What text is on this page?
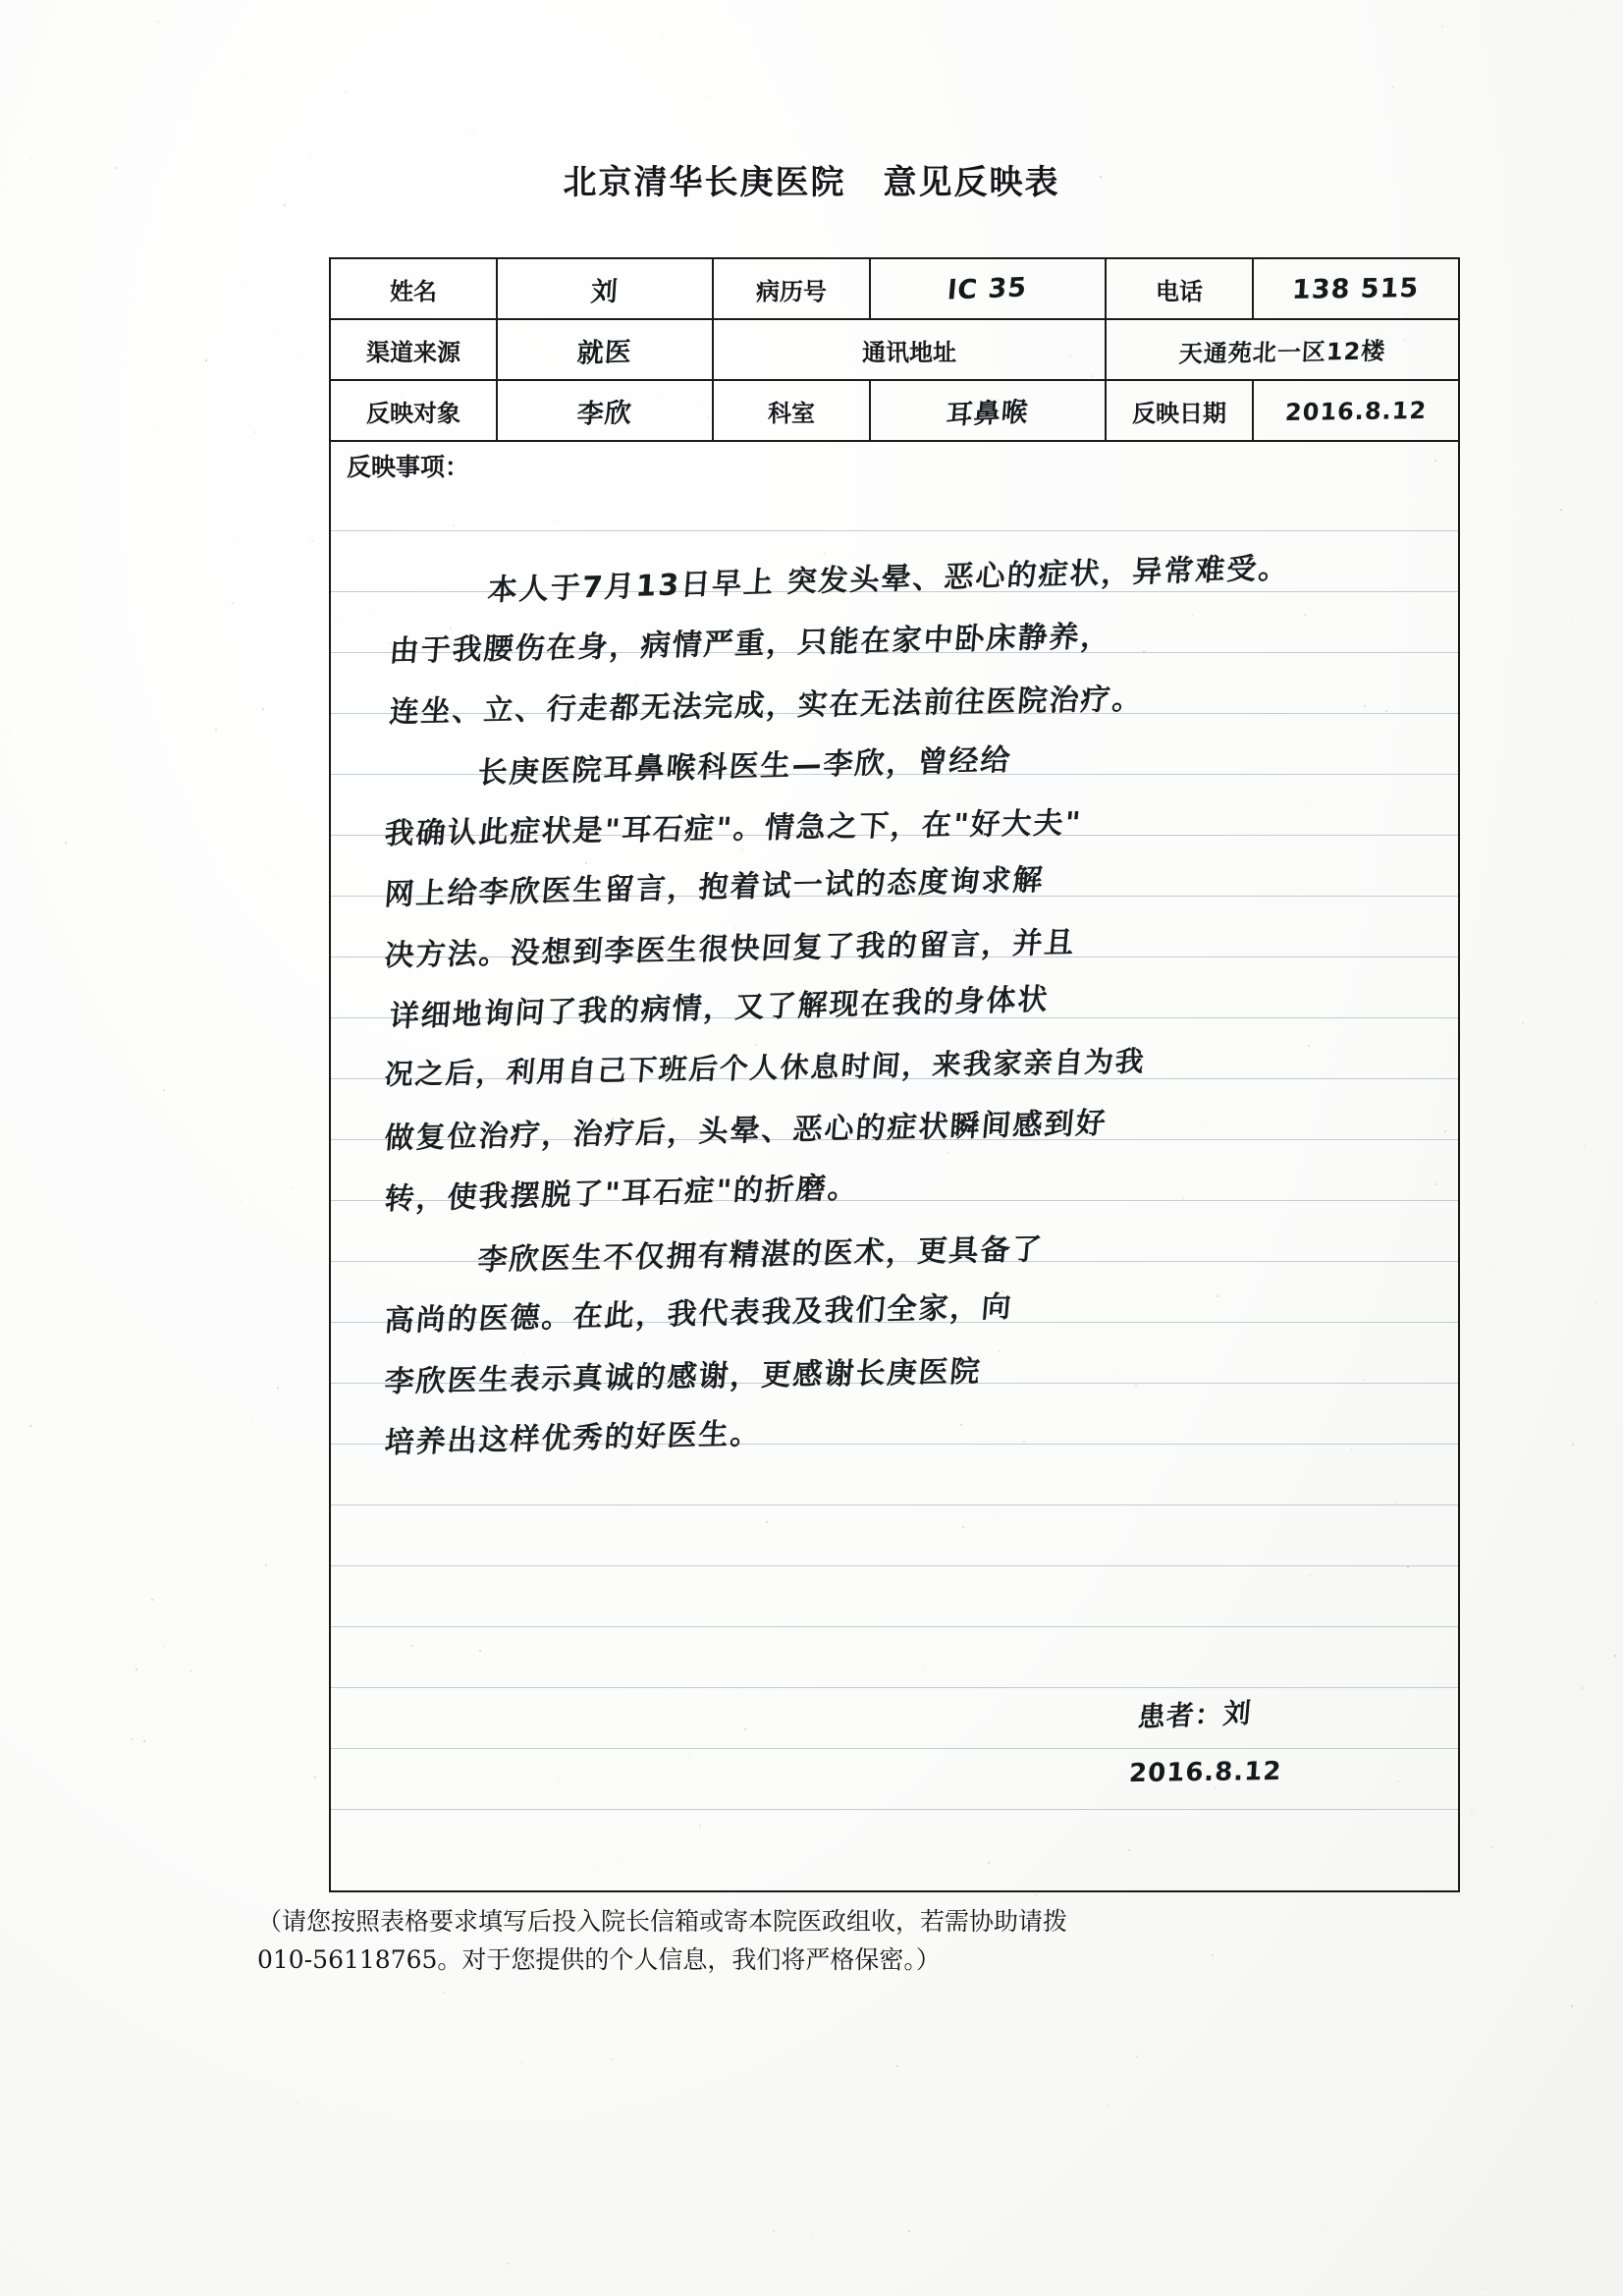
北京清华长庚医院 意见反映表
姓名	刘	病历号	lC 35	电话	138 515
渠道来源	就医	通讯地址		天通苑北一区12楼	
反映对象	李欣	科室	耳鼻喉	反映日期	2016.8.12
反映事项：
本人于7月13日早上 突发头晕、恶心的症状，异常难受。
由于我腰伤在身，病情严重，只能在家中卧床静养，
连坐、立、行走都无法完成，实在无法前往医院治疗。
长庚医院耳鼻喉科医生—李欣，曾经给
我确认此症状是"耳石症"。情急之下，在"好大夫"
网上给李欣医生留言，抱着试一试的态度询求解
决方法。没想到李医生很快回复了我的留言，并且
详细地询问了我的病情，又了解现在我的身体状
况之后，利用自己下班后个人休息时间，来我家亲自为我
做复位治疗，治疗后，头晕、恶心的症状瞬间感到好
转，使我摆脱了"耳石症"的折磨。
李欣医生不仅拥有精湛的医术，更具备了
高尚的医德。在此，我代表我及我们全家，向
李欣医生表示真诚的感谢，更感谢长庚医院
培养出这样优秀的好医生。
患者：刘
2016.8.12
（请您按照表格要求填写后投入院长信箱或寄本院医政组收，若需协助请拨
010-56118765。对于您提供的个人信息，我们将严格保密。）
